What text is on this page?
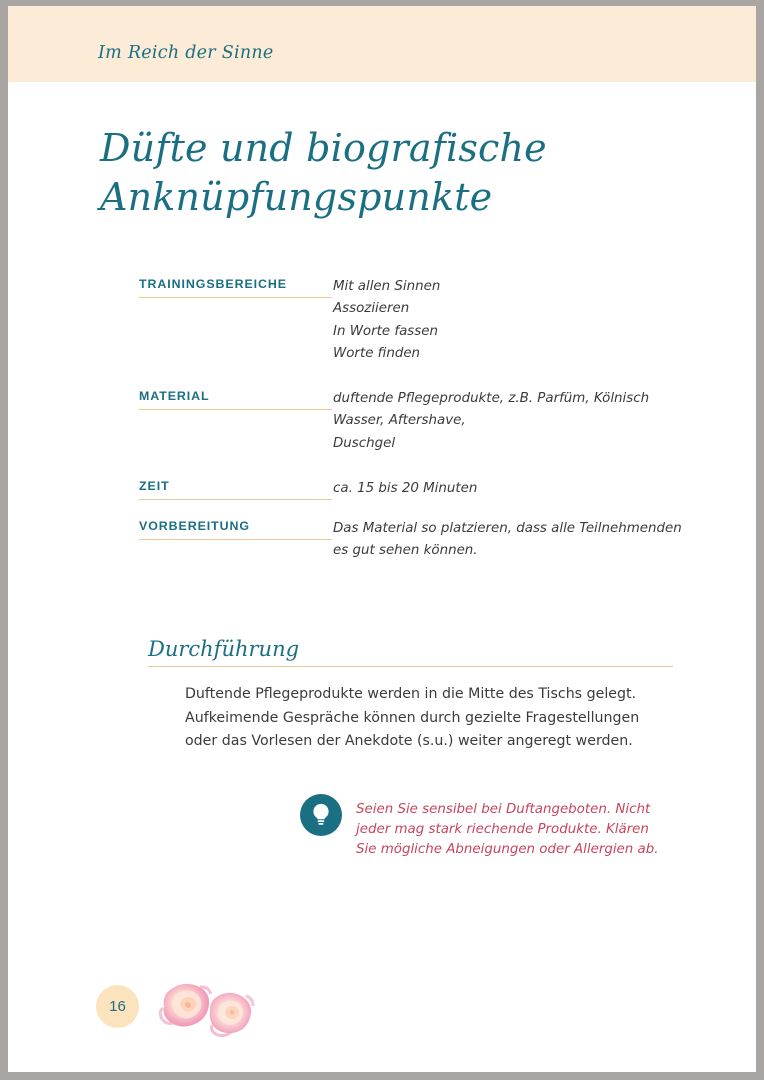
Im Reich der Sinne
Düfte und biografische Anknüpfungspunkte
TRAININGSBEREICHE	Mit allen Sinnen
Assoziieren
In Worte fassen
Worte finden
MATERIAL	duftende Pflegeprodukte, z.B. Parfüm, Kölnisch
Wasser, Aftershave,
Duschgel
ZEIT	ca. 15 bis 20 Minuten
VORBEREITUNG	Das Material so platzieren, dass alle Teilnehmenden
es gut sehen können.
Durchführung
Duftende Pflegeprodukte werden in die Mitte des Tischs gelegt.
Aufkeimende Gespräche können durch gezielte Fragestellungen
oder das Vorlesen der Anekdote (s.u.) weiter angeregt werden.
Seien Sie sensibel bei Duftangeboten. Nicht
jeder mag stark riechende Produkte. Klären
Sie mögliche Abneigungen oder Allergien ab.
16
